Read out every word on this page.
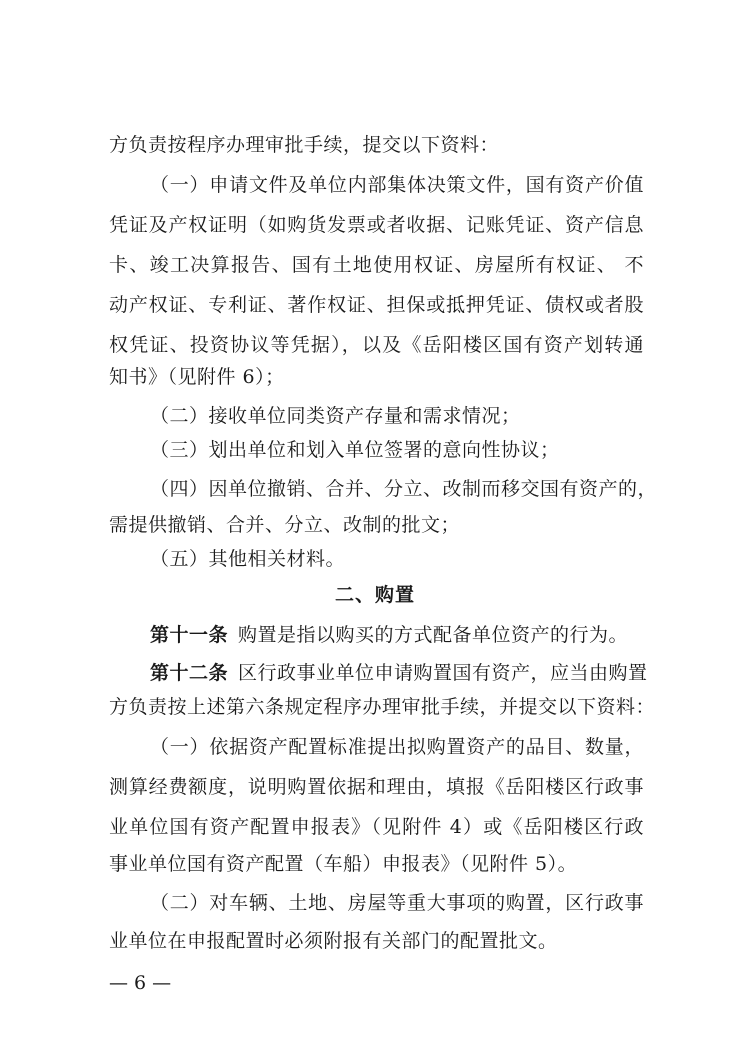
方负责按程序办理审批手续，提交以下资料：
（一）申请文件及单位内部集体决策文件，国有资产价值
凭证及产权证明（如购货发票或者收据、记账凭证、资产信息
卡、竣工决算报告、国有土地使用权证、房屋所有权证、 不
动产权证、专利证、著作权证、担保或抵押凭证、债权或者股
权凭证、投资协议等凭据），以及《岳阳楼区国有资产划转通
知书》（见附件 6）；
（二）接收单位同类资产存量和需求情况；
（三）划出单位和划入单位签署的意向性协议；
（四）因单位撤销、合并、分立、改制而移交国有资产的，
需提供撤销、合并、分立、改制的批文；
（五）其他相关材料。
二、购置
第十一条 购置是指以购买的方式配备单位资产的行为。
第十二条 区行政事业单位申请购置国有资产，应当由购置
方负责按上述第六条规定程序办理审批手续，并提交以下资料：
（一）依据资产配置标准提出拟购置资产的品目、数量，
测算经费额度，说明购置依据和理由，填报《岳阳楼区行政事
业单位国有资产配置申报表》（见附件 4）或《岳阳楼区行政
事业单位国有资产配置（车船）申报表》（见附件 5）。
（二）对车辆、土地、房屋等重大事项的购置，区行政事
业单位在申报配置时必须附报有关部门的配置批文。
— 6 —
